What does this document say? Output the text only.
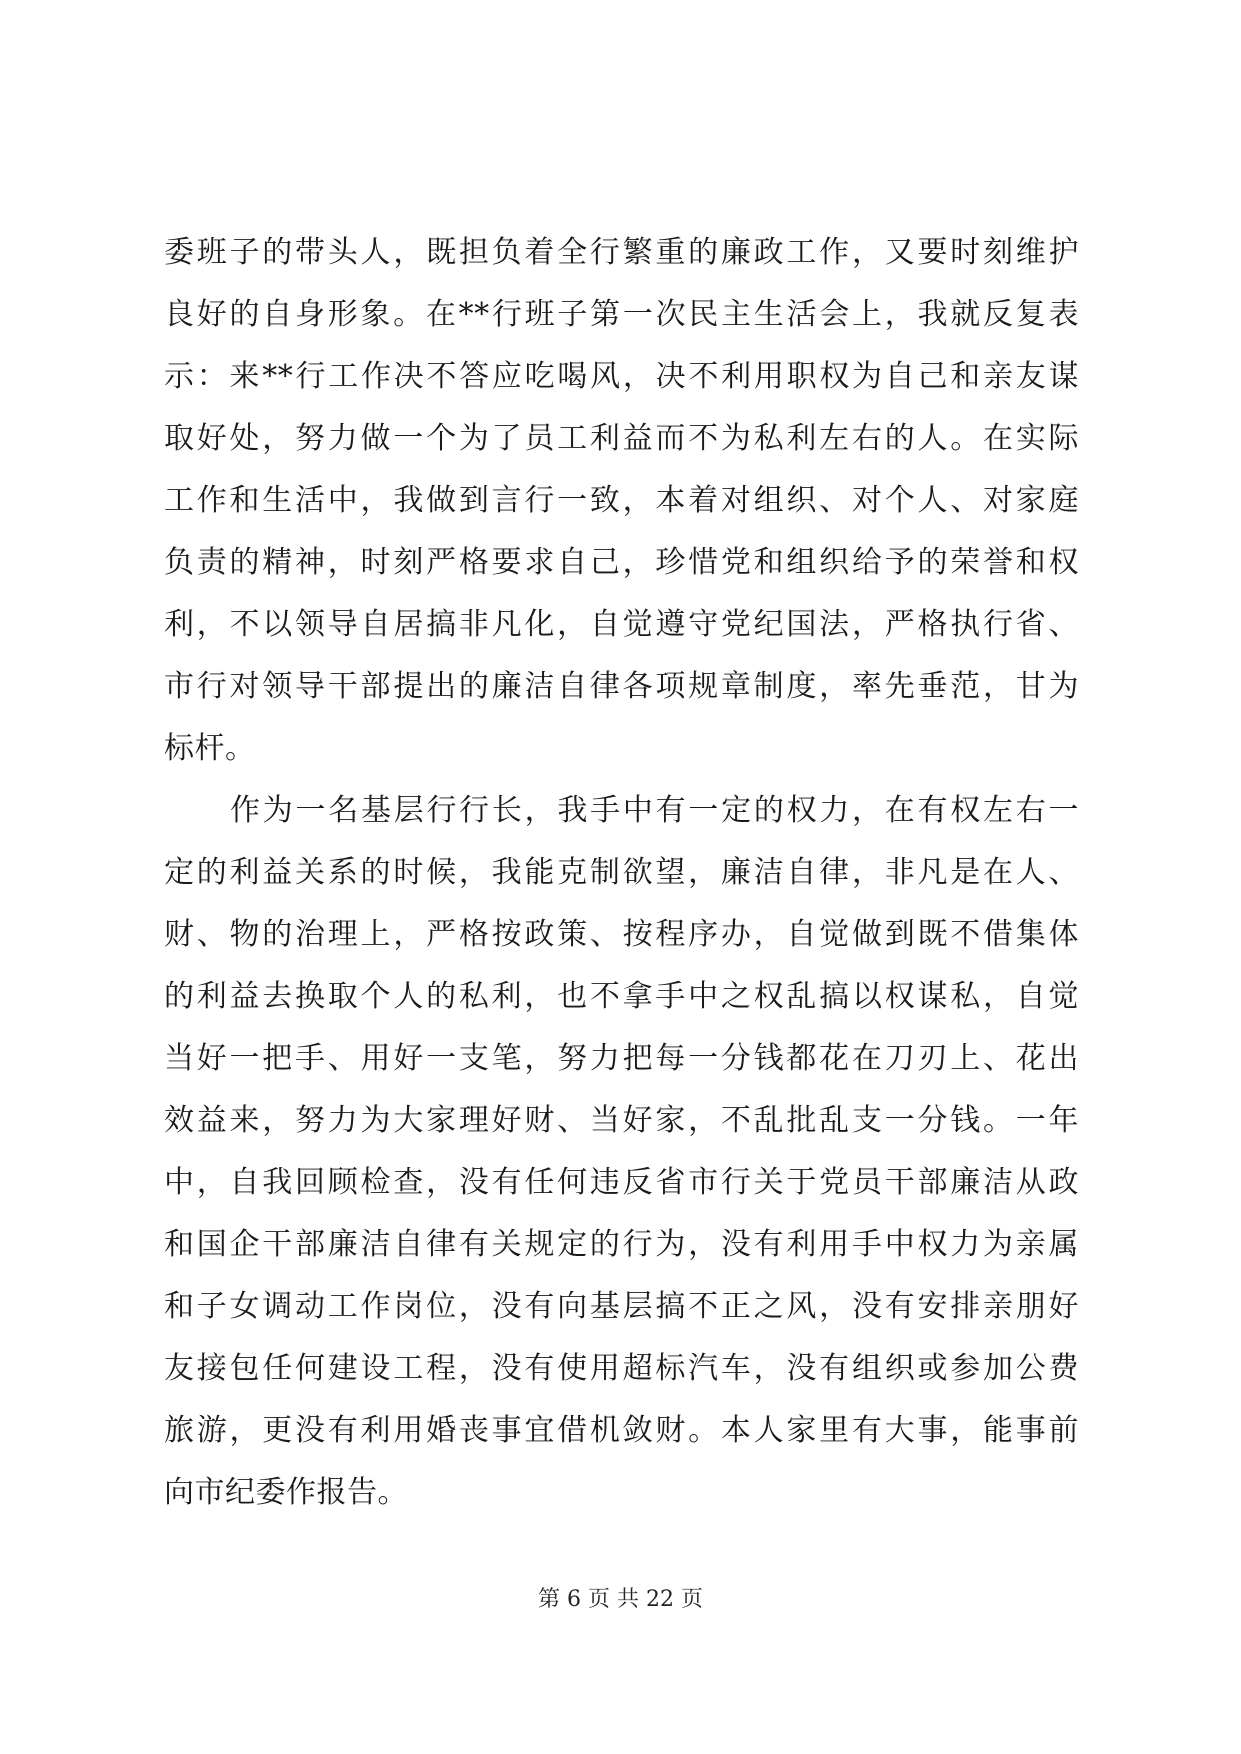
委班子的带头人，既担负着全行繁重的廉政工作，又要时刻维护
良好的自身形象。在**行班子第一次民主生活会上，我就反复表
示：来**行工作决不答应吃喝风，决不利用职权为自己和亲友谋
取好处，努力做一个为了员工利益而不为私利左右的人。在实际
工作和生活中，我做到言行一致，本着对组织、对个人、对家庭
负责的精神，时刻严格要求自己，珍惜党和组织给予的荣誉和权
利，不以领导自居搞非凡化，自觉遵守党纪国法，严格执行省、
市行对领导干部提出的廉洁自律各项规章制度，率先垂范，甘为
标杆。
作为一名基层行行长，我手中有一定的权力，在有权左右一
定的利益关系的时候，我能克制欲望，廉洁自律，非凡是在人、
财、物的治理上，严格按政策、按程序办，自觉做到既不借集体
的利益去换取个人的私利，也不拿手中之权乱搞以权谋私，自觉
当好一把手、用好一支笔，努力把每一分钱都花在刀刃上、花出
效益来，努力为大家理好财、当好家，不乱批乱支一分钱。一年
中，自我回顾检查，没有任何违反省市行关于党员干部廉洁从政
和国企干部廉洁自律有关规定的行为，没有利用手中权力为亲属
和子女调动工作岗位，没有向基层搞不正之风，没有安排亲朋好
友接包任何建设工程，没有使用超标汽车，没有组织或参加公费
旅游，更没有利用婚丧事宜借机敛财。本人家里有大事，能事前
向市纪委作报告。
第 6 页 共 22 页
